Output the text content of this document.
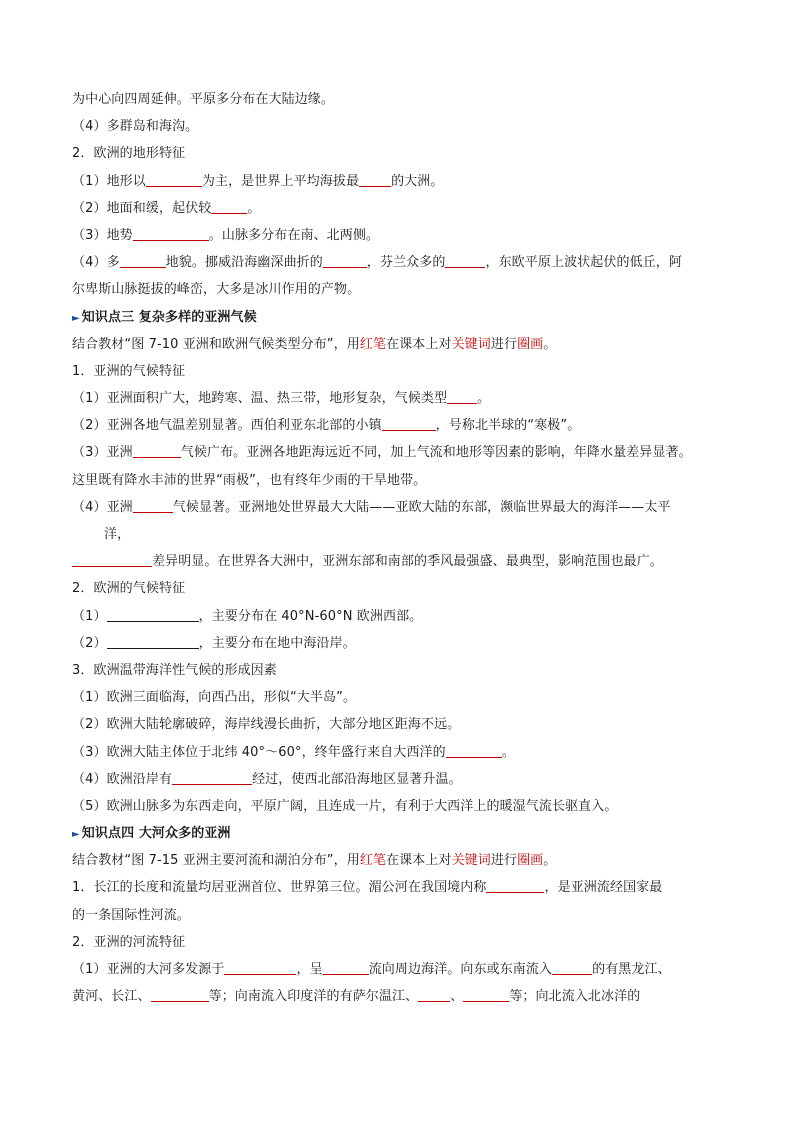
为中心向四周延伸。平原多分布在大陆边缘。
（4）多群岛和海沟。
2．欧洲的地形特征
（1）地形以	为主，是世界上平均海拔最 的大洲。
（2）地面和缓，起伏较	。
（3）地势	。山脉多分布在南、北两侧。
（4）多	地貌。挪威沿海幽深曲折的	，芬兰众多的	，东欧平原上波状起伏的低丘，阿
尔卑斯山脉挺拔的峰峦，大多是冰川作用的产物。
► 知识点三 复杂多样的亚洲气候
结合教材“图 7-10 亚洲和欧洲气候类型分布”，用红笔在课本上对关键词进行圈画。
1．亚洲的气候特征
（1）亚洲面积广大，地跨寒、温、热三带，地形复杂，气候类型 。
（2）亚洲各地气温差别显著。西伯利亚东北部的小镇	，号称北半球的“寒极”。
（3）亚洲	气候广布。亚洲各地距海远近不同，加上气流和地形等因素的影响，年降水量差异显著。
这里既有降水丰沛的世界“雨极”，也有终年少雨的干旱地带。
（4）亚洲	气候显著。亚洲地处世界最大大陆——亚欧大陆的东部，濒临世界最大的海洋——太平
洋，
差异明显。在世界各大洲中，亚洲东部和南部的季风最强盛、最典型，影响范围也最广。
2．欧洲的气候特征
（1）	，主要分布在 40°N-60°N 欧洲西部。
（2）	，主要分布在地中海沿岸。
3．欧洲温带海洋性气候的形成因素
（1）欧洲三面临海，向西凸出，形似“大半岛”。
（2）欧洲大陆轮廓破碎，海岸线漫长曲折，大部分地区距海不远。
（3）欧洲大陆主体位于北纬 40°～60°，终年盛行来自大西洋的	。
（4）欧洲沿岸有	经过，使西北部沿海地区显著升温。
（5）欧洲山脉多为东西走向，平原广阔，且连成一片，有利于大西洋上的暖湿气流长驱直入。
► 知识点四 大河众多的亚洲
结合教材“图 7-15 亚洲主要河流和湖泊分布”，用红笔在课本上对关键词进行圈画。
1．长江的长度和流量均居亚洲首位、世界第三位。湄公河在我国境内称	，是亚洲流经国家最
的一条国际性河流。
2．亚洲的河流特征
（1）亚洲的大河多发源于	，呈	流向周边海洋。向东或东南流入	的有黑龙江、
黄河、长江、	等；向南流入印度洋的有萨尔温江、 、	等；向北流入北冰洋的
